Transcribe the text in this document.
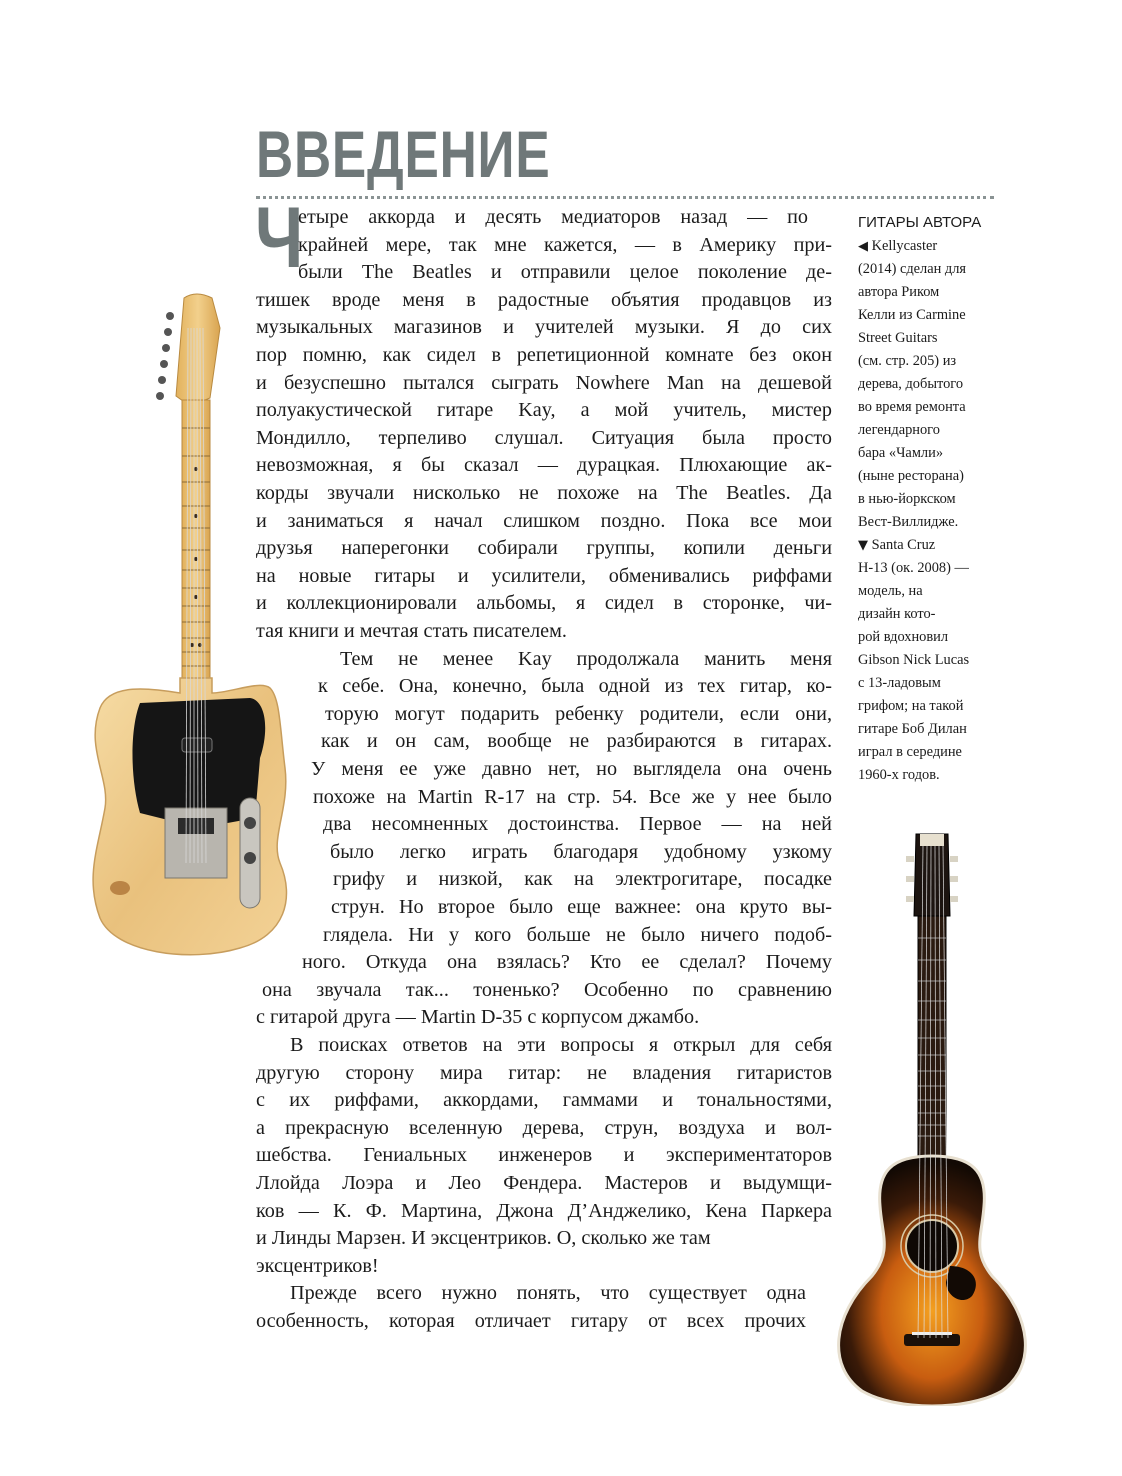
ВВЕДЕНИЕ
Ч

етыре аккорда и десять медиаторов назад — по

крайней мере, так мне кажется, — в Америку при-

были The Beatles и отправили целое поколение де-

тишек вроде меня в радостные объятия продавцов из

музыкальных магазинов и учителей музыки. Я до сих

пор помню, как сидел в репетиционной комнате без окон

и безуспешно пытался сыграть Nowhere Man на дешевой

полуакустической гитаре Kay, а мой учитель, мистер

Мондилло, терпеливо слушал. Ситуация была просто

невозможная, я бы сказал — дурацкая. Плюхающие ак-

корды звучали нисколько не похоже на The Beatles. Да

и заниматься я начал слишком поздно. Пока все мои

друзья наперегонки собирали группы, копили деньги

на новые гитары и усилители, обменивались риффами

и коллекционировали альбомы, я сидел в сторонке, чи-

тая книги и мечтая стать писателем.

Тем не менее Kay продолжала манить меня

к себе. Она, конечно, была одной из тех гитар, ко-

торую могут подарить ребенку родители, если они,

как и он сам, вообще не разбираются в гитарах.

У меня ее уже давно нет, но выглядела она очень

похоже на Martin R-17 на стр. 54. Все же у нее было

два несомненных достоинства. Первое — на ней

было легко играть благодаря удобному узкому

грифу и низкой, как на электрогитаре, посадке

струн. Но второе было еще важнее: она круто вы-

глядела. Ни у кого больше не было ничего подоб-

ного. Откуда она взялась? Кто ее сделал? Почему

она звучала так... тоненько? Особенно по сравнению

с гитарой друга — Martin D-35 с корпусом джамбо.

В поисках ответов на эти вопросы я открыл для себя

другую сторону мира гитар: не владения гитаристов

с их риффами, аккордами, гаммами и тональностями,

а прекрасную вселенную дерева, струн, воздуха и вол-

шебства. Гениальных инженеров и экспериментаторов

Ллойда Лоэра и Лео Фендера. Мастеров и выдумщи-

ков — К. Ф. Мартина, Джона Д’Анджелико, Кена Паркера

и Линды Марзен. И эксцентриков. О, сколько же там

эксцентриков!

Прежде всего нужно понять, что существует одна

особенность, которая отличает гитару от всех прочих

ГИТАРЫ АВТОРА

◀ Kellycaster

(2014) сделан для

автора Риком

Келли из Carmine

Street Guitars

(см. стр. 205) из

дерева, добытого

во время ремонта

легендарного

бара «Чамли»

(ныне ресторана)

в нью-йоркском

Вест-Виллидже.

▼ Santa Cruz

H-13 (ок. 2008) —

модель, на

дизайн кото-

рой вдохновил

Gibson Nick Lucas

с 13-ладовым

грифом; на такой

гитаре Боб Дилан

играл в середине

1960-х годов.
